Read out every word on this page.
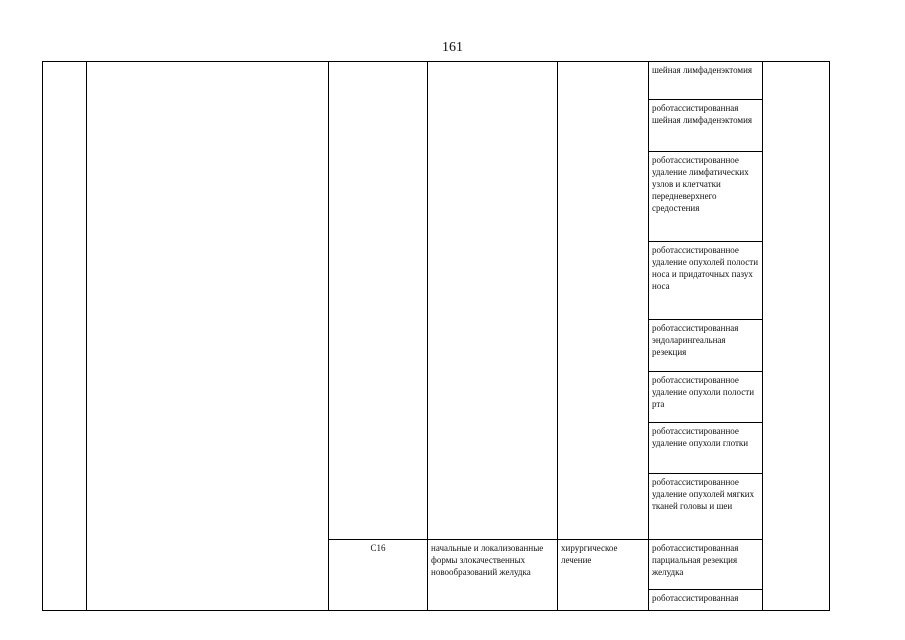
161
					шейная лимфаденэктомия	
					роботассистированная шейная лимфаденэктомия	
					роботассистированное удаление лимфатических узлов и клетчатки передневерхнего средостения	
					роботассистированное удаление опухолей полости носа и придаточных пазух носа	
					роботассистированная эндоларингеальная резекция	
					роботассистированное удаление опухоли полости рта	
					роботассистированное удаление опухоли глотки	
					роботассистированное удаление опухолей мягких тканей головы и шеи	
		C16	начальные и локализованные формы злокачественных новообразований желудка	хирургическое лечение	роботассистированная парциальная резекция желудка	
					роботассистированная	
